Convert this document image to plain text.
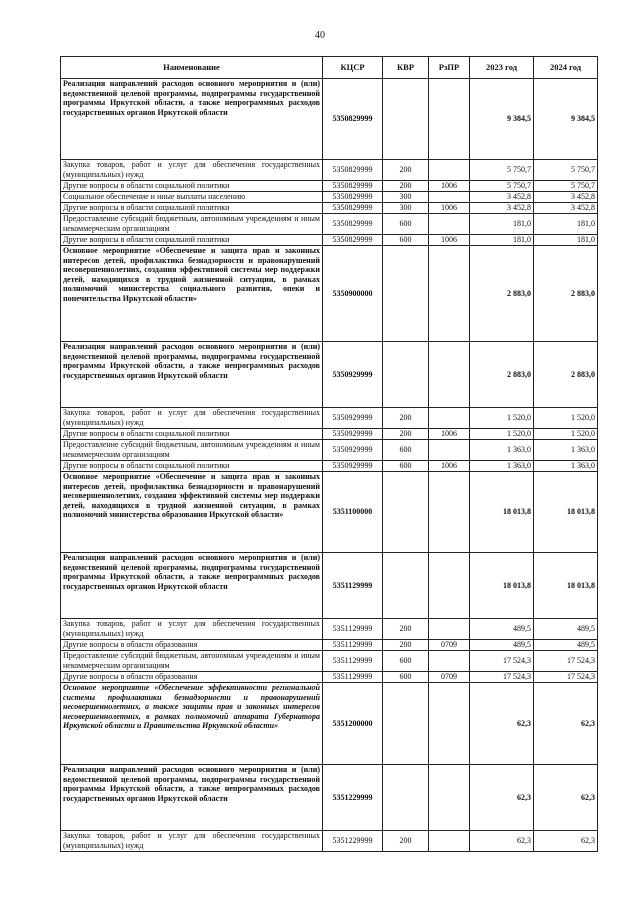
40
Наименование	КЦСР	КВР	РзПР	2023 год	2024 год
Реализация направлений расходов основного мероприятия и (или) ведомственной целевой программы, подпрограммы государственной программы Иркутской области, а также непрограммных расходов государственных органов Иркутской области	5350829999			9 384,5	9 384,5
Закупка товаров, работ и услуг для обеспечения государственных (муниципальных) нужд	5350829999	200		5 750,7	5 750,7
Другие вопросы в области социальной политики	5350829999	200	1006	5 750,7	5 750,7
Социальное обеспечение и иные выплаты населению	5350829999	300		3 452,8	3 452,8
Другие вопросы в области социальной политики	5350829999	300	1006	3 452,8	3 452,8
Предоставление субсидий бюджетным, автономным учреждениям и иным некоммерческим организациям	5350829999	600		181,0	181,0
Другие вопросы в области социальной политики	5350829999	600	1006	181,0	181,0
Основное мероприятие «Обеспечение и защита прав и законных интересов детей, профилактика безнадзорности и правонарушений несовершеннолетних, создания эффективной системы мер поддержки детей, находящихся в трудной жизненной ситуации, в рамках полномочий министерства социального развития, опеки и попечительства Иркутской области»	5350900000			2 883,0	2 883,0
Реализация направлений расходов основного мероприятия и (или) ведомственной целевой программы, подпрограммы государственной программы Иркутской области, а также непрограммных расходов государственных органов Иркутской области	5350929999			2 883,0	2 883,0
Закупка товаров, работ и услуг для обеспечения государственных (муниципальных) нужд	5350929999	200		1 520,0	1 520,0
Другие вопросы в области социальной политики	5350929999	200	1006	1 520,0	1 520,0
Предоставление субсидий бюджетным, автономным учреждениям и иным некоммерческим организациям	5350929999	600		1 363,0	1 363,0
Другие вопросы в области социальной политики	5350929999	600	1006	1 363,0	1 363,0
Основное мероприятие «Обеспечение и защита прав и законных интересов детей, профилактика безнадзорности и правонарушений несовершеннолетних, создания эффективной системы мер поддержки детей, находящихся в трудной жизненной ситуации, в рамках полномочий министерства образования Иркутской области»	5351100000			18 013,8	18 013,8
Реализация направлений расходов основного мероприятия и (или) ведомственной целевой программы, подпрограммы государственной программы Иркутской области, а также непрограммных расходов государственных органов Иркутской области	5351129999			18 013,8	18 013,8
Закупка товаров, работ и услуг для обеспечения государственных (муниципальных) нужд	5351129999	200		489,5	489,5
Другие вопросы в области образования	5351129999	200	0709	489,5	489,5
Предоставление субсидий бюджетным, автономным учреждениям и иным некоммерческим организациям	5351129999	600		17 524,3	17 524,3
Другие вопросы в области образования	5351129999	600	0709	17 524,3	17 524,3
Основное мероприятие «Обеспечение эффективности региональной системы профилактики безнадзорности и правонарушений несовершеннолетних, а также защиты прав и законных интересов несовершеннолетних, в рамках полномочий аппарата Губернатора Иркутской области и Правительства Иркутской области»	5351200000			62,3	62,3
Реализация направлений расходов основного мероприятия и (или) ведомственной целевой программы, подпрограммы государственной программы Иркутской области, а также непрограммных расходов государственных органов Иркутской области	5351229999			62,3	62,3
Закупка товаров, работ и услуг для обеспечения государственных (муниципальных) нужд	5351229999	200		62,3	62,3
